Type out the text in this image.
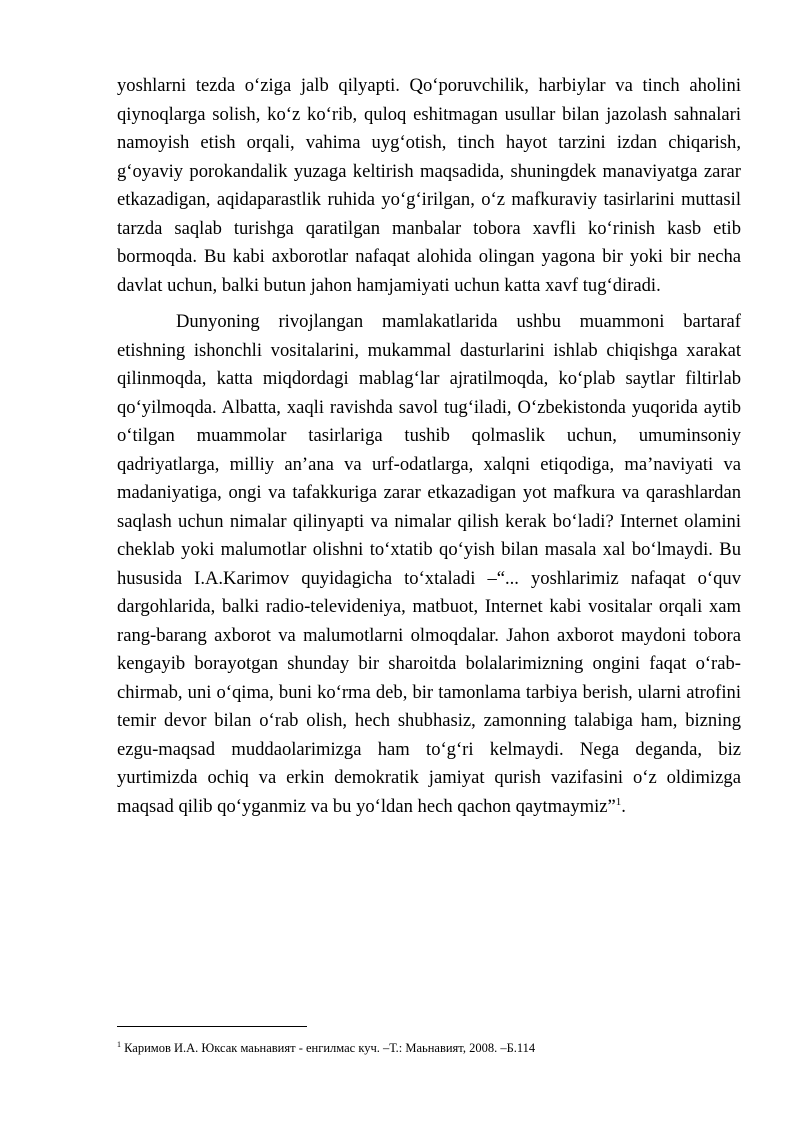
yoshlarni tezda o‘ziga jalb qilyapti. Qo‘poruvchilik, harbiylar va tinch aholini qiynoqlarga solish, ko‘z ko‘rib, quloq eshitmagan usullar bilan jazolash sahnalari namoyish etish orqali, vahima uyg‘otish, tinch hayot tarzini izdan chiqarish, g‘oyaviy porokandalik yuzaga keltirish maqsadida, shuningdek manaviyatga zarar etkazadigan, aqidaparastlik ruhida yo‘g‘irilgan, o‘z mafkuraviy tasirlarini muttasil tarzda saqlab turishga qaratilgan manbalar tobora xavfli ko‘rinish kasb etib bormoqda. Bu kabi axborotlar nafaqat alohida olingan yagona bir yoki bir necha davlat uchun, balki butun jahon hamjamiyati uchun katta xavf tug‘diradi.

Dunyoning rivojlangan mamlakatlarida ushbu muammoni bartaraf etishning ishonchli vositalarini, mukammal dasturlarini ishlab chiqishga xarakat qilinmoqda, katta miqdordagi mablag‘lar ajratilmoqda, ko‘plab saytlar filtirlab qo‘yilmoqda. Albatta, xaqli ravishda savol tug‘iladi, O‘zbekistonda yuqorida aytib o‘tilgan muammolar tasirlariga tushib qolmaslik uchun, umuminsoniy qadriyatlarga, milliy an’ana va urf-odatlarga, xalqni etiqodiga, ma’naviyati va madaniyatiga, ongi va tafakkuriga zarar etkazadigan yot mafkura va qarashlardan saqlash uchun nimalar qilinyapti va nimalar qilish kerak bo‘ladi? Internet olamini cheklab yoki malumotlar olishni to‘xtatib qo‘yish bilan masala xal bo‘lmaydi. Bu hususida I.A.Karimov quyidagicha to‘xtaladi –“... yoshlarimiz nafaqat o‘quv dargohlarida, balki radio-televideniya, matbuot, Internet kabi vositalar orqali xam rang-barang axborot va malumotlarni olmoqdalar. Jahon axborot maydoni tobora kengayib borayotgan shunday bir sharoitda bolalarimizning ongini faqat o‘rab-chirmab, uni o‘qima, buni ko‘rma deb, bir tamonlama tarbiya berish, ularni atrofini temir devor bilan o‘rab olish, hech shubhasiz, zamonning talabiga ham, bizning ezgu-maqsad muddaolarimizga ham to‘g‘ri kelmaydi. Nega deganda, biz yurtimizda ochiq va erkin demokratik jamiyat qurish vazifasini o‘z oldimizga maqsad qilib qo‘yganmiz va bu yo‘ldan hech qachon qaytmaymiz”$^1$.

$^1$ Каримов И.А. Юксак маьнавият - енгилмас куч. –Т.: Маьнавият, 2008. –Б.114
